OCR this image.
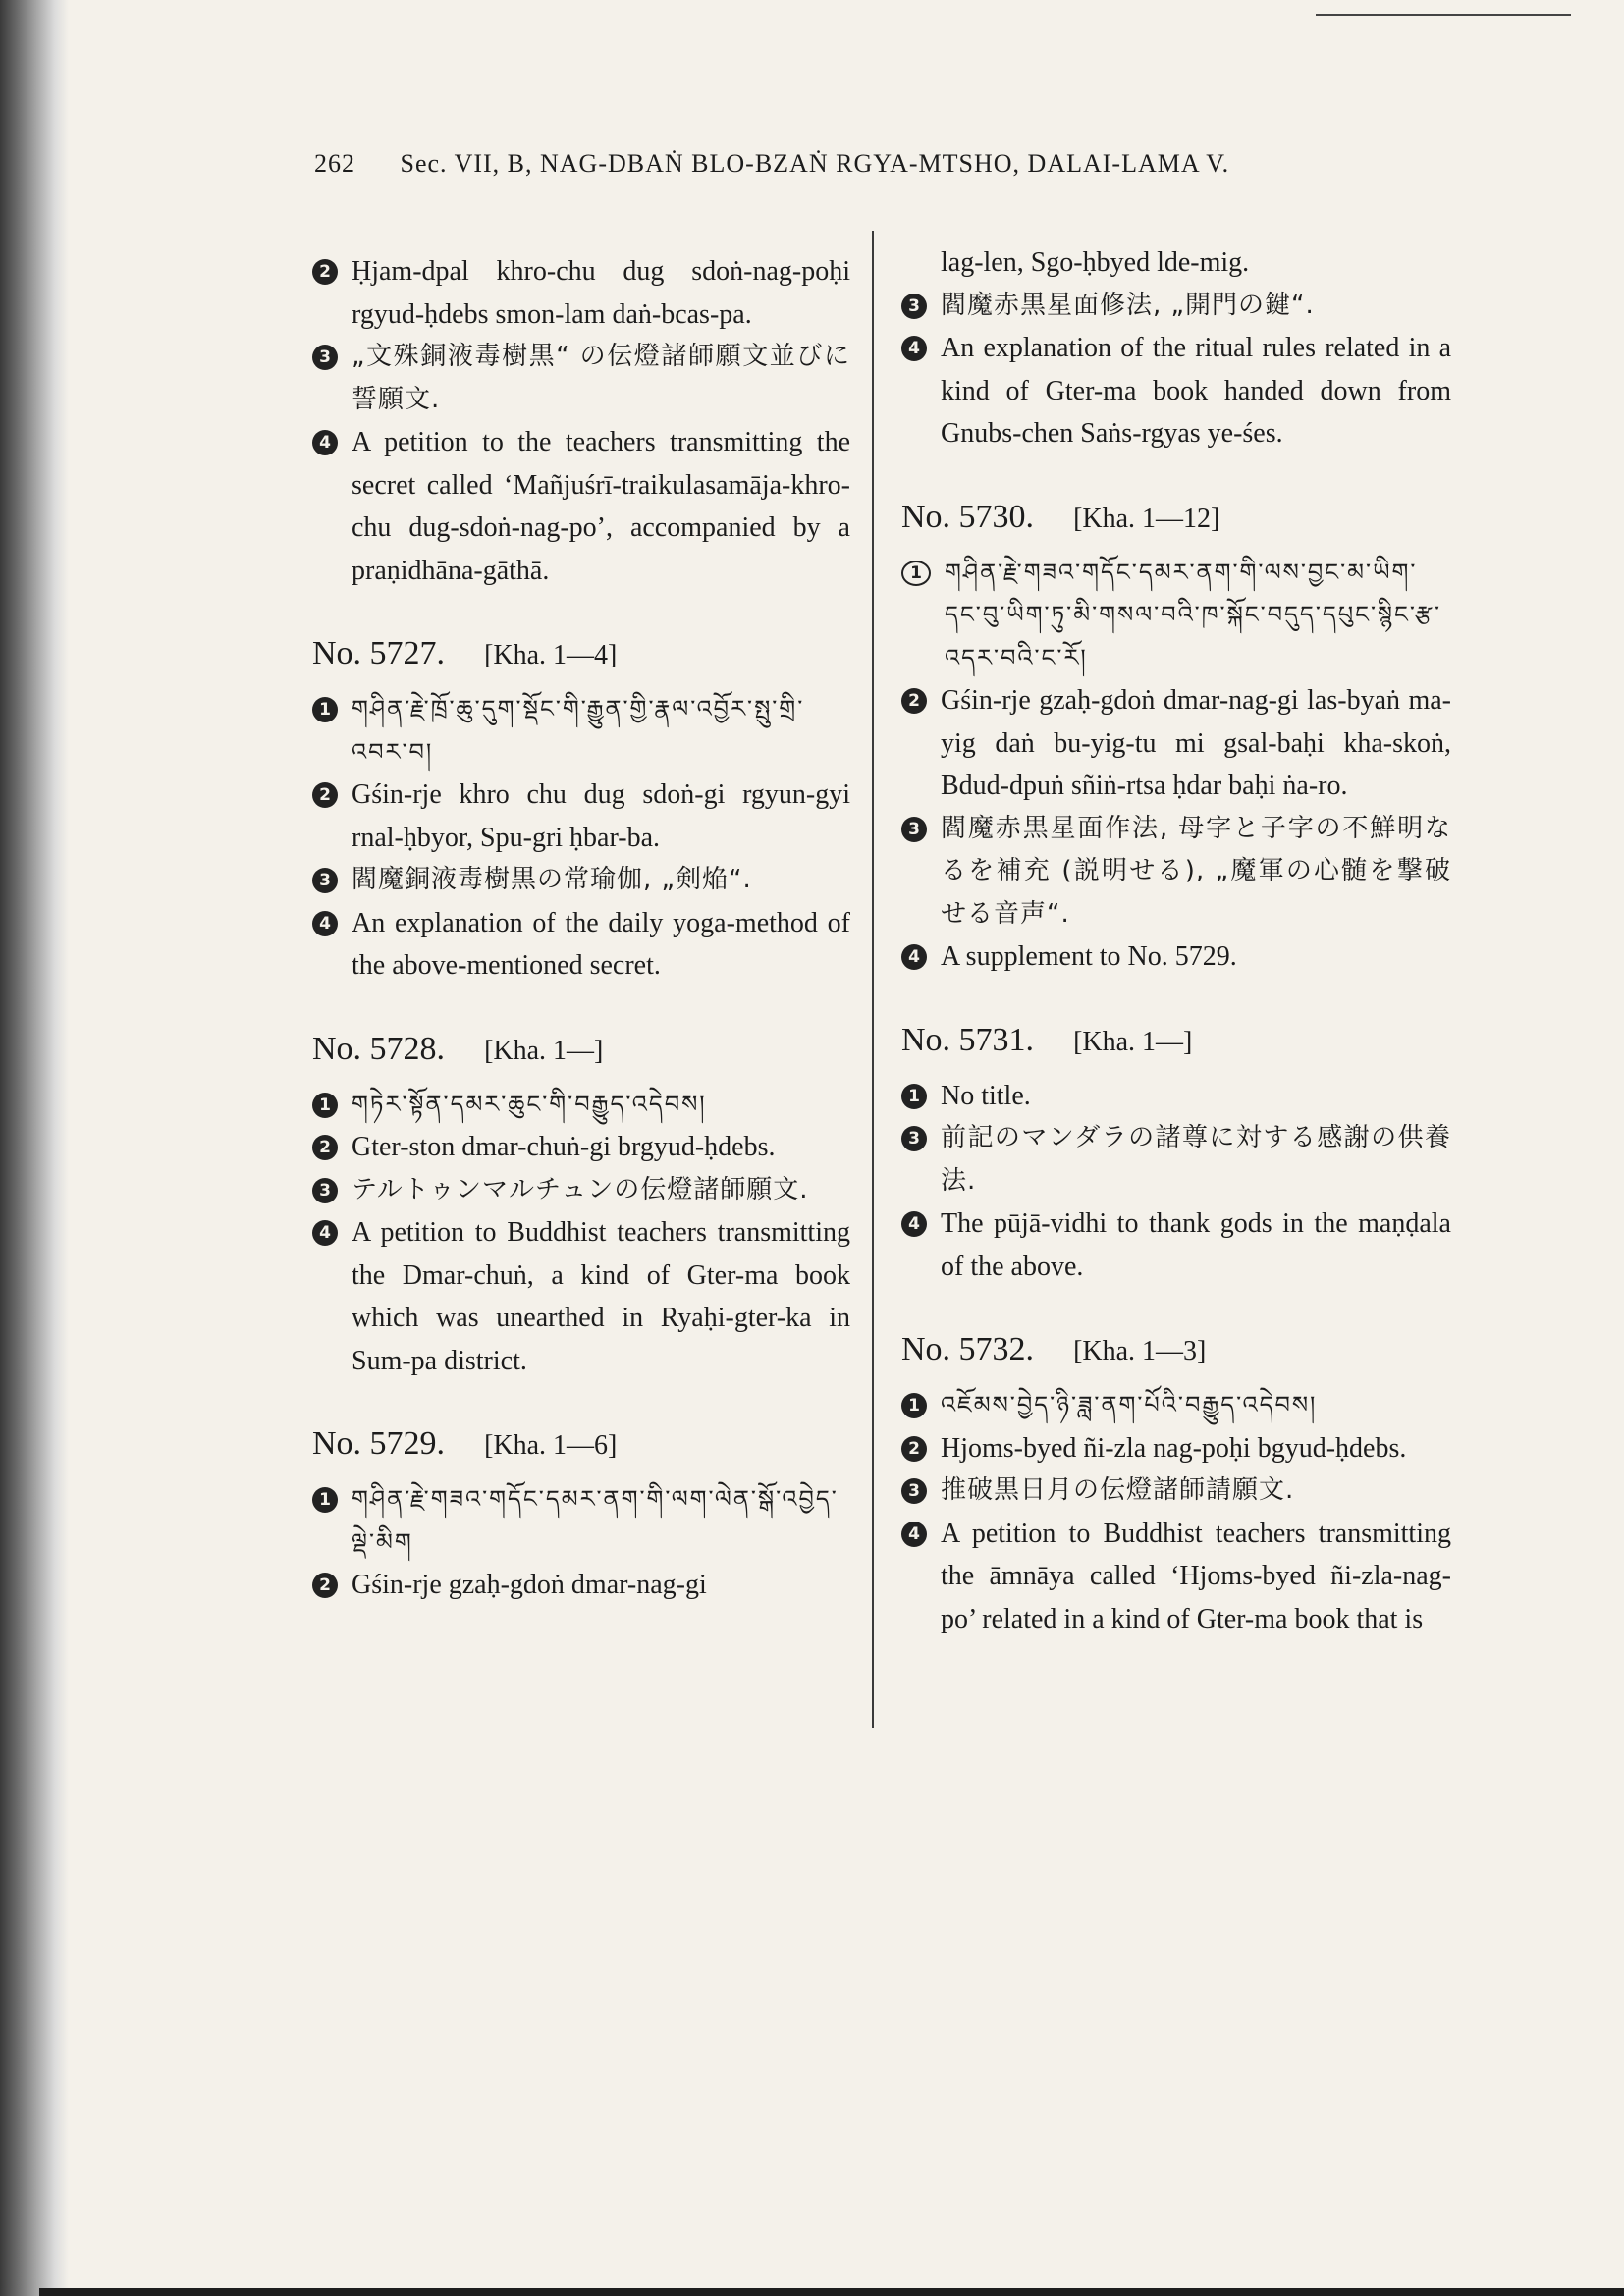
262 Sec. VII, B, NAG-DBAṄ BLO-BZAṄ RGYA-MTSHO, DALAI-LAMA V.
2 Ḥjam-dpal khro-chu dug sdoṅ-nag-poḥi rgyud-ḥdebs smon-lam daṅ-bcas-pa.
3 „文殊銅液毒樹黒“ の伝燈諸師願文並びに誓願文.
4 A petition to the teachers transmitting the secret called ‘Mañjuśrī-traikulasamāja-khro-chu dug-sdoṅ-nag-po’, accompanied by a praṇidhāna-gāthā.
No. 5727. [Kha. 1—4]
1 གཤིན་རྗེ་ཁྲོ་ཆུ་དུག་སྡོང་གི་རྒྱུན་གྱི་རྣལ་འབྱོར་སྤུ་གྲི་འབར་བ།
2 Gśin-rje khro chu dug sdoṅ-gi rgyun-gyi rnal-ḥbyor, Spu-gri ḥbar-ba.
3 閻魔銅液毒樹黒の常瑜伽, „剣焔“.
4 An explanation of the daily yoga-method of the above-mentioned secret.
No. 5728. [Kha. 1—]
1 གཏེར་སྟོན་དམར་ཆུང་གི་བརྒྱུད་འདེབས།
2 Gter-ston dmar-chuṅ-gi brgyud-ḥdebs.
3 テルトゥンマルチュンの伝燈諸師願文.
4 A petition to Buddhist teachers transmitting the Dmar-chuṅ, a kind of Gter-ma book which was unearthed in Ryaḥi-gter-ka in Sum-pa district.
No. 5729. [Kha. 1—6]
1 གཤིན་རྗེ་གཟའ་གདོང་དམར་ནག་གི་ལག་ལེན་སྒོ་འབྱེད་ལྡེ་མིག
2 Gśin-rje gzaḥ-gdoṅ dmar-nag-gi
lag-len, Sgo-ḥbyed lde-mig.
3 閻魔赤黒星面修法, „開門の鍵“.
4 An explanation of the ritual rules related in a kind of Gter-ma book handed down from Gnubs-chen Saṅs-rgyas ye-śes.
No. 5730. [Kha. 1—12]
1 གཤིན་རྗེ་གཟའ་གདོང་དམར་ནག་གི་ལས་བྱང་མ་ཡིག་དང་བུ་ཡིག་ཏུ་མི་གསལ་བའི་ཁ་སྐོང་བདུད་དཔུང་སྙིང་རྩ་འདར་བའི་ང་རོ།
2 Gśin-rje gzaḥ-gdoṅ dmar-nag-gi las-byaṅ ma-yig daṅ bu-yig-tu mi gsal-baḥi kha-skoṅ, Bdud-dpuṅ sñiṅ-rtsa ḥdar baḥi ṅa-ro.
3 閻魔赤黒星面作法, 母字と子字の不鮮明なるを補充 (説明せる), „魔軍の心髄を撃破せる音声“.
4 A supplement to No. 5729.
No. 5731. [Kha. 1—]
1 No title.
3 前記のマンダラの諸尊に対する感謝の供養法.
4 The pūjā-vidhi to thank gods in the maṇḍala of the above.
No. 5732. [Kha. 1—3]
1 འཇོམས་བྱེད་ཉི་ཟླ་ནག་པོའི་བརྒྱུད་འདེབས།
2 Hjoms-byed ñi-zla nag-poḥi bgyud-ḥdebs.
3 推破黒日月の伝燈諸師請願文.
4 A petition to Buddhist teachers transmitting the āmnāya called ‘Hjoms-byed ñi-zla-nag-po’ related in a kind of Gter-ma book that is
